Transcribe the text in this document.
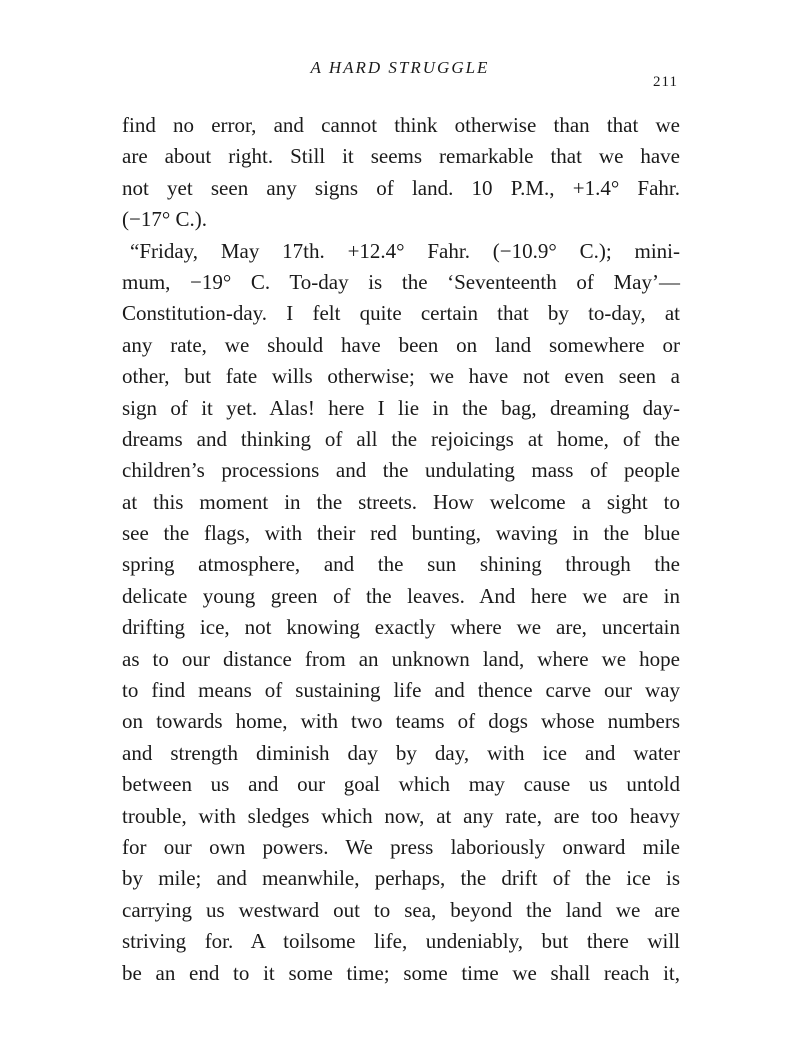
A HARD STRUGGLE
211
find no error, and cannot think otherwise than that we
are about right. Still it seems remarkable that we have
not yet seen any signs of land. 10 P.M., +1.4° Fahr.
(−17° C.).
“Friday, May 17th. +12.4° Fahr. (−10.9° C.); mini-
mum, −19° C. To-day is the ‘Seventeenth of May’—
Constitution-day. I felt quite certain that by to-day, at
any rate, we should have been on land somewhere or
other, but fate wills otherwise; we have not even seen a
sign of it yet. Alas! here I lie in the bag, dreaming day-
dreams and thinking of all the rejoicings at home, of the
children’s processions and the undulating mass of people
at this moment in the streets. How welcome a sight to
see the flags, with their red bunting, waving in the blue
spring atmosphere, and the sun shining through the
delicate young green of the leaves. And here we are in
drifting ice, not knowing exactly where we are, uncertain
as to our distance from an unknown land, where we hope
to find means of sustaining life and thence carve our way
on towards home, with two teams of dogs whose numbers
and strength diminish day by day, with ice and water
between us and our goal which may cause us untold
trouble, with sledges which now, at any rate, are too heavy
for our own powers. We press laboriously onward mile
by mile; and meanwhile, perhaps, the drift of the ice is
carrying us westward out to sea, beyond the land we are
striving for. A toilsome life, undeniably, but there will
be an end to it some time; some time we shall reach it,
